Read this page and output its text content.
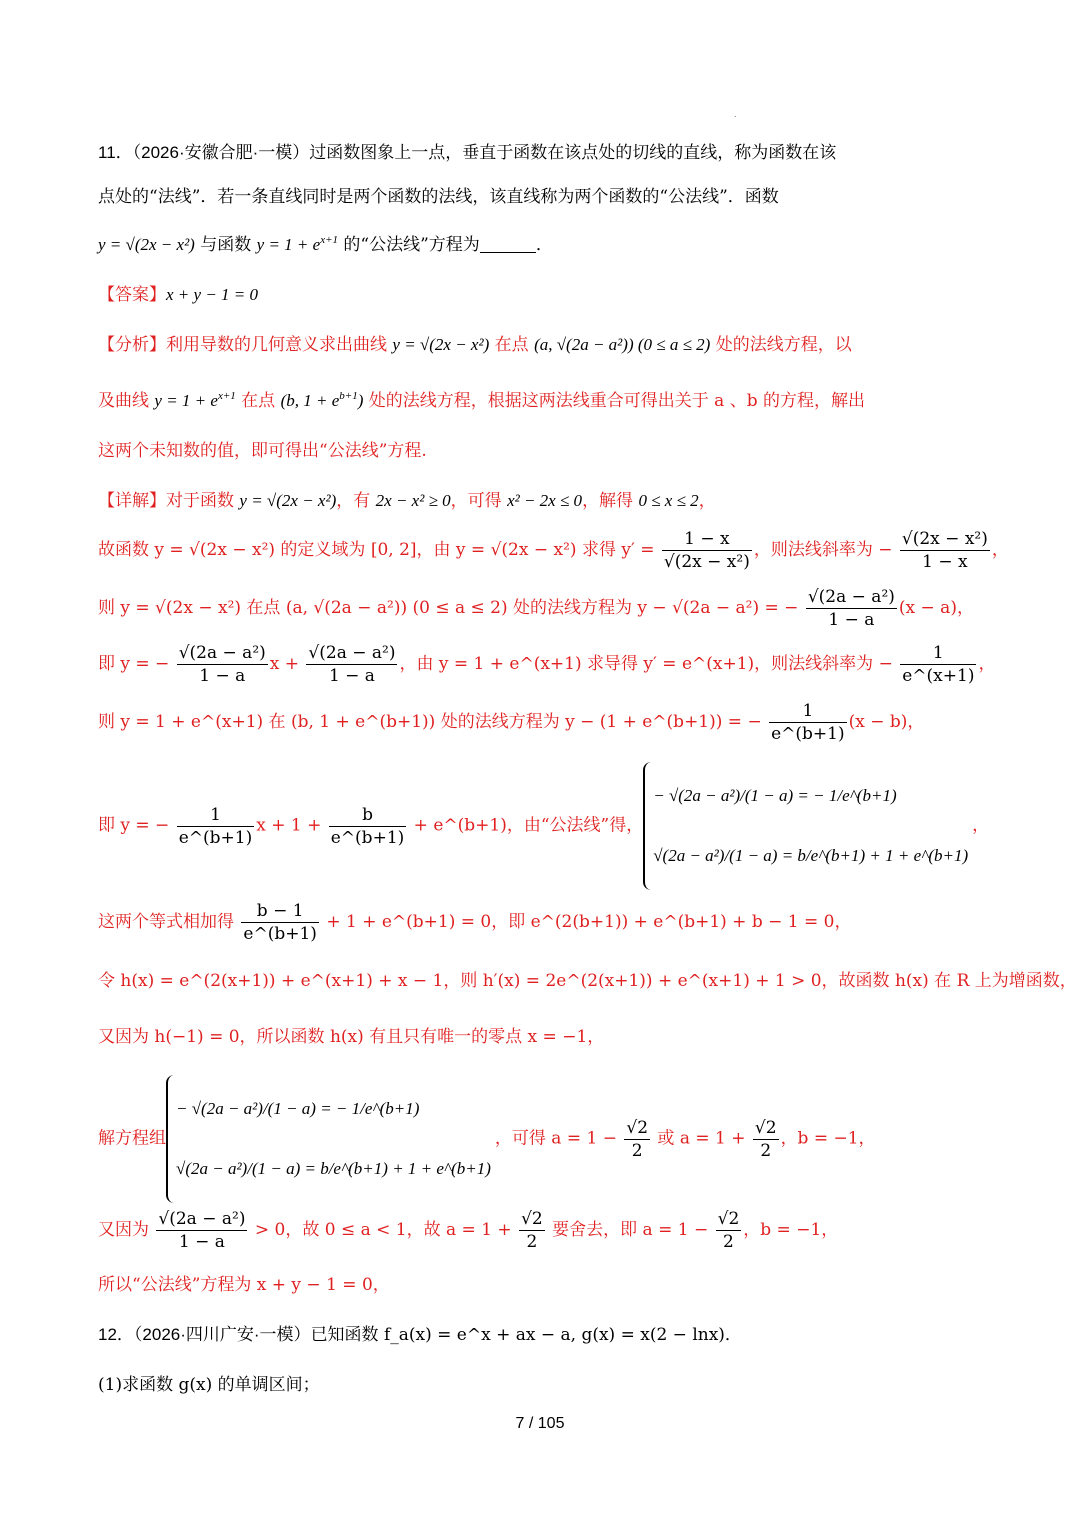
.
11．（2026·安徽合肥·一模）过函数图象上一点，垂直于函数在该点处的切线的直线，称为函数在该
点处的“法线”．若一条直线同时是两个函数的法线，该直线称为两个函数的“公法线”．函数
y = √(2x − x²) 与函数 $y = 1 + e^{x+1}$ 的“公法线”方程为	．
【答案】x + y − 1 = 0
【分析】利用导数的几何意义求出曲线 y = √(2x − x²) 在点 (a, √(2a − a²)) (0 ≤ a ≤ 2) 处的法线方程，以
及曲线 $y = 1 + e^{x+1}$ 在点 (b, $1 + e^{b+1}$) 处的法线方程，根据这两法线重合可得出关于 a 、b 的方程，解出
这两个未知数的值，即可得出“公法线”方程.
【详解】对于函数 y = √(2x − x²)，有 2x − x² ≥ 0，可得 x² − 2x ≤ 0，解得 0 ≤ x ≤ 2，
故函数 y = √(2x − x²) 的定义域为 [0, 2]，由 y = √(2x − x²) 求得 $y' = \frac{1 - x}{\text{√(2x − x²)}}$ ，则法线斜率为 − $\frac{\text{√(2x − x²)}}{1 - x}$ ，
则 y = √(2x − x²) 在点 (a, √(2a − a²)) (0 ≤ a ≤ 2) 处的法线方程为 y − √(2a − a²) = − $\frac{\text{√(2a − a²)}}{1 - a} (x - a)$，
即 y = − $\frac{\text{√(2a − a²)}}{1 - a}$ $x + \frac{\text{√(2a − a²)}}{1 - a}$ ，由 y = 1 + e^(x+1) 求导得 y′ = e^(x+1)，则法线斜率为 − $\frac{1}{e\^{}(x+1)}$ ，
则 y = 1 + e^(x+1) 在 (b, 1 + e^(b+1)) 处的法线方程为 y − (1 + e^(b+1)) = − $\frac{1}{e\^{}(b+1)} (x - b)$，
即 y = − $\frac{1}{e\^{}(b+1)}$ $x + 1 + \frac{b}{e\^{}(b+1)}$ + e^(b+1)，由“公法线”得，
− √(2a − a²)/(1 − a) = − 1/e^(b+1)
√(2a − a²)/(1 − a) = b/e^(b+1) + 1 + e^(b+1)
，
这两个等式相加得 $\frac{b - 1}{e\^{}(b+1)} + 1$ + e^(b+1) = 0，即 e^(2(b+1)) + e^(b+1) + b − 1 = 0，
令 h(x) = e^(2(x+1)) + e^(x+1) + x − 1，则 h′(x) = 2e^(2(x+1)) + e^(x+1) + 1 > 0，故函数 h(x) 在 R 上为增函数，
又因为 h(−1) = 0，所以函数 h(x) 有且只有唯一的零点 x = −1，
解方程组
− √(2a − a²)/(1 − a) = − 1/e^(b+1)
√(2a − a²)/(1 − a) = b/e^(b+1) + 1 + e^(b+1)
，可得 $a = 1 - \frac{√2}{2}$ 或 $a = 1 + \frac{√2}{2}$ ，b = −1，
又因为 $\frac{\text{√(2a − a²)}}{1 - a} > 0$，故 0 ≤ a < 1，故 $a = 1 + \frac{√2}{2}$ 要舍去，即 $a = 1 - \frac{√2}{2}$ ，b = −1，
所以“公法线”方程为 x + y − 1 = 0，
12．（2026·四川广安·一模）已知函数 f_a(x) = e^x + ax − a, g(x) = x(2 − lnx)．
(1)求函数 g(x) 的单调区间；
7 / 105
